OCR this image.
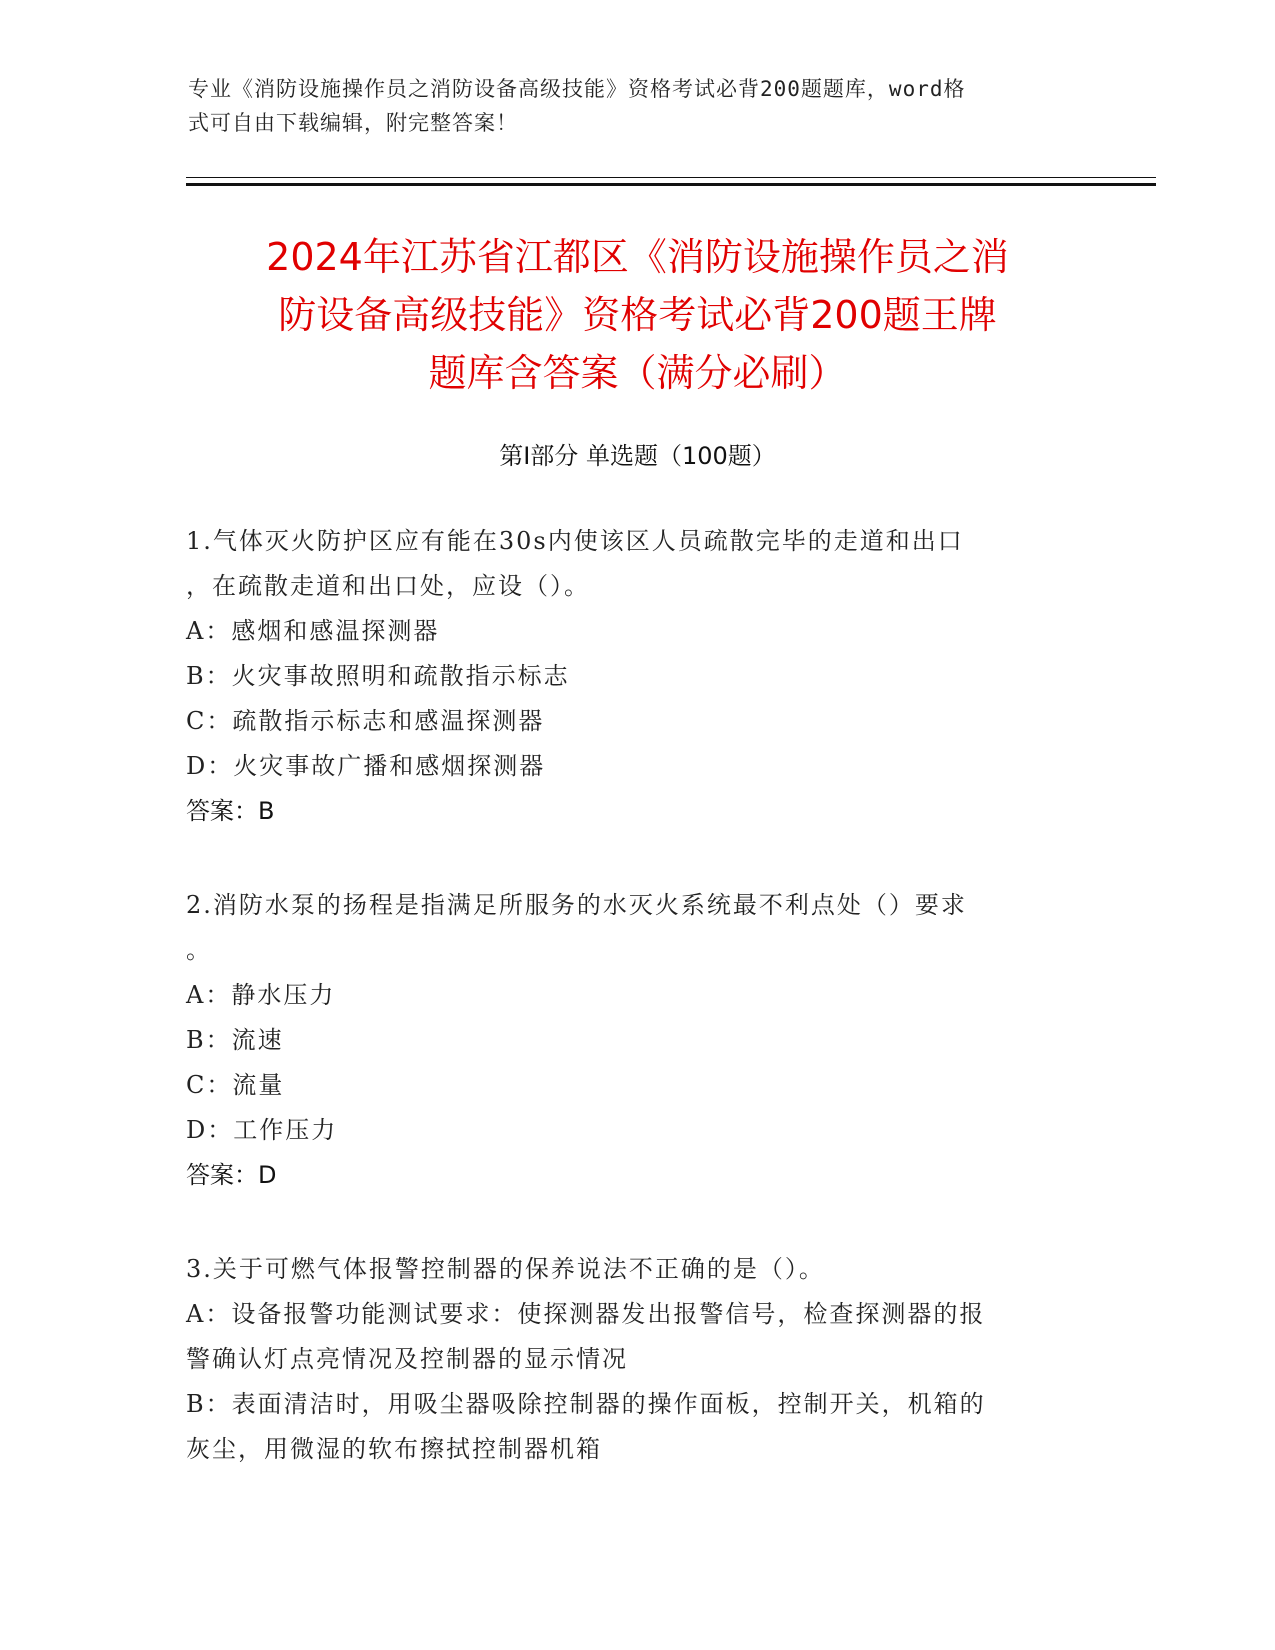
专业《消防设施操作员之消防设备高级技能》资格考试必背200题题库，word格
式可自由下载编辑，附完整答案！
2024年江苏省江都区《消防设施操作员之消
防设备高级技能》资格考试必背200题王牌
题库含答案（满分必刷）
第Ⅰ部分 单选题（100题）

1.气体灭火防护区应有能在30s内使该区人员疏散完毕的走道和出口

，在疏散走道和出口处，应设（）。

A：感烟和感温探测器

B：火灾事故照明和疏散指示标志

C：疏散指示标志和感温探测器

D：火灾事故广播和感烟探测器

答案：B

2.消防水泵的扬程是指满足所服务的水灭火系统最不利点处（）要求

。

A：静水压力

B：流速

C：流量

D：工作压力

答案：D

3.关于可燃气体报警控制器的保养说法不正确的是（）。

A：设备报警功能测试要求：使探测器发出报警信号，检查探测器的报

警确认灯点亮情况及控制器的显示情况

B：表面清洁时，用吸尘器吸除控制器的操作面板，控制开关，机箱的

灰尘，用微湿的软布擦拭控制器机箱
